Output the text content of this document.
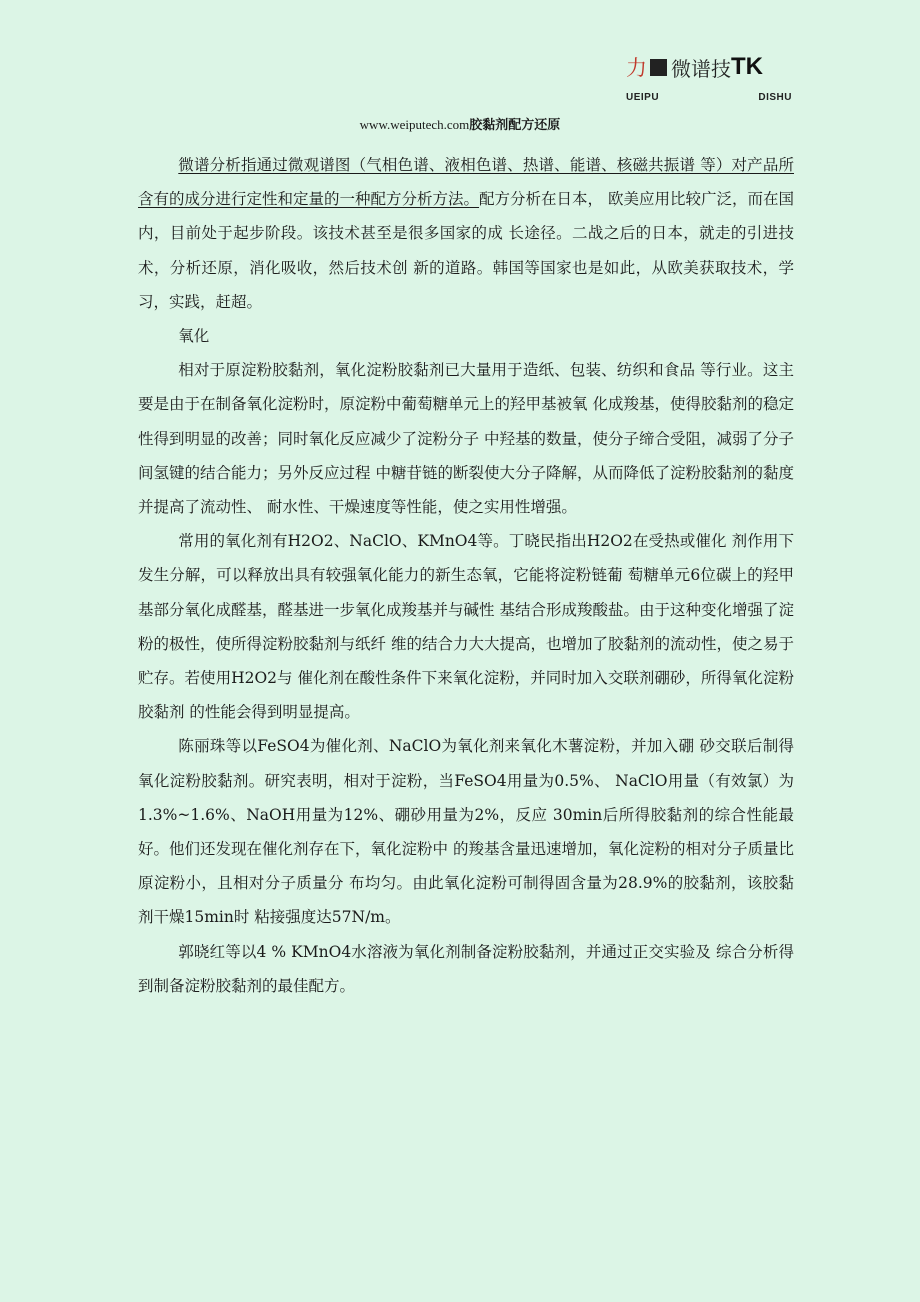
力 微谱技 TK
UEIPU	DISHU
www.weiputech.com胶黏剂配方还原

微谱分析指通过微观谱图（气相色谱、液相色谱、热谱、能谱、核磁共振谱 等）对产品所含有的成分进行定性和定量的一种配方分析方法。配方分析在日本， 欧美应用比较广泛，而在国内，目前处于起步阶段。该技术甚至是很多国家的成 长途径。二战之后的日本，就走的引进技术，分析还原，消化吸收，然后技术创 新的道路。韩国等国家也是如此，从欧美获取技术，学习，实践，赶超。

氧化

相对于原淀粉胶黏剂，氧化淀粉胶黏剂已大量用于造纸、包装、纺织和食品 等行业。这主要是由于在制备氧化淀粉时，原淀粉中葡萄糖单元上的羟甲基被氧 化成羧基，使得胶黏剂的稳定性得到明显的改善；同时氧化反应减少了淀粉分子 中羟基的数量，使分子缔合受阻，减弱了分子间氢键的结合能力；另外反应过程 中糖苷链的断裂使大分子降解，从而降低了淀粉胶黏剂的黏度并提高了流动性、 耐水性、干燥速度等性能，使之实用性增强。

常用的氧化剂有H2O2、NaClO、KMnO4等。丁晓民指出H2O2在受热或催化 剂作用下发生分解，可以释放出具有较强氧化能力的新生态氧，它能将淀粉链葡 萄糖单元6位碳上的羟甲基部分氧化成醛基，醛基进一步氧化成羧基并与碱性 基结合形成羧酸盐。由于这种变化增强了淀粉的极性，使所得淀粉胶黏剂与纸纤 维的结合力大大提高，也增加了胶黏剂的流动性，使之易于贮存。若使用H2O2与 催化剂在酸性条件下来氧化淀粉，并同时加入交联剂硼砂，所得氧化淀粉胶黏剂 的性能会得到明显提高。

陈丽珠等以FeSO4为催化剂、NaClO为氧化剂来氧化木薯淀粉，并加入硼 砂交联后制得氧化淀粉胶黏剂。研究表明，相对于淀粉，当FeSO4用量为0.5%、 NaClO用量（有效氯）为1.3%~1.6%、NaOH用量为12%、硼砂用量为2%，反应 30min后所得胶黏剂的综合性能最好。他们还发现在催化剂存在下，氧化淀粉中 的羧基含量迅速增加，氧化淀粉的相对分子质量比原淀粉小，且相对分子质量分 布均匀。由此氧化淀粉可制得固含量为28.9%的胶黏剂，该胶黏剂干燥15min时 粘接强度达57N/m。

郭晓红等以4 % KMnO4水溶液为氧化剂制备淀粉胶黏剂，并通过正交实验及 综合分析得到制备淀粉胶黏剂的最佳配方。
